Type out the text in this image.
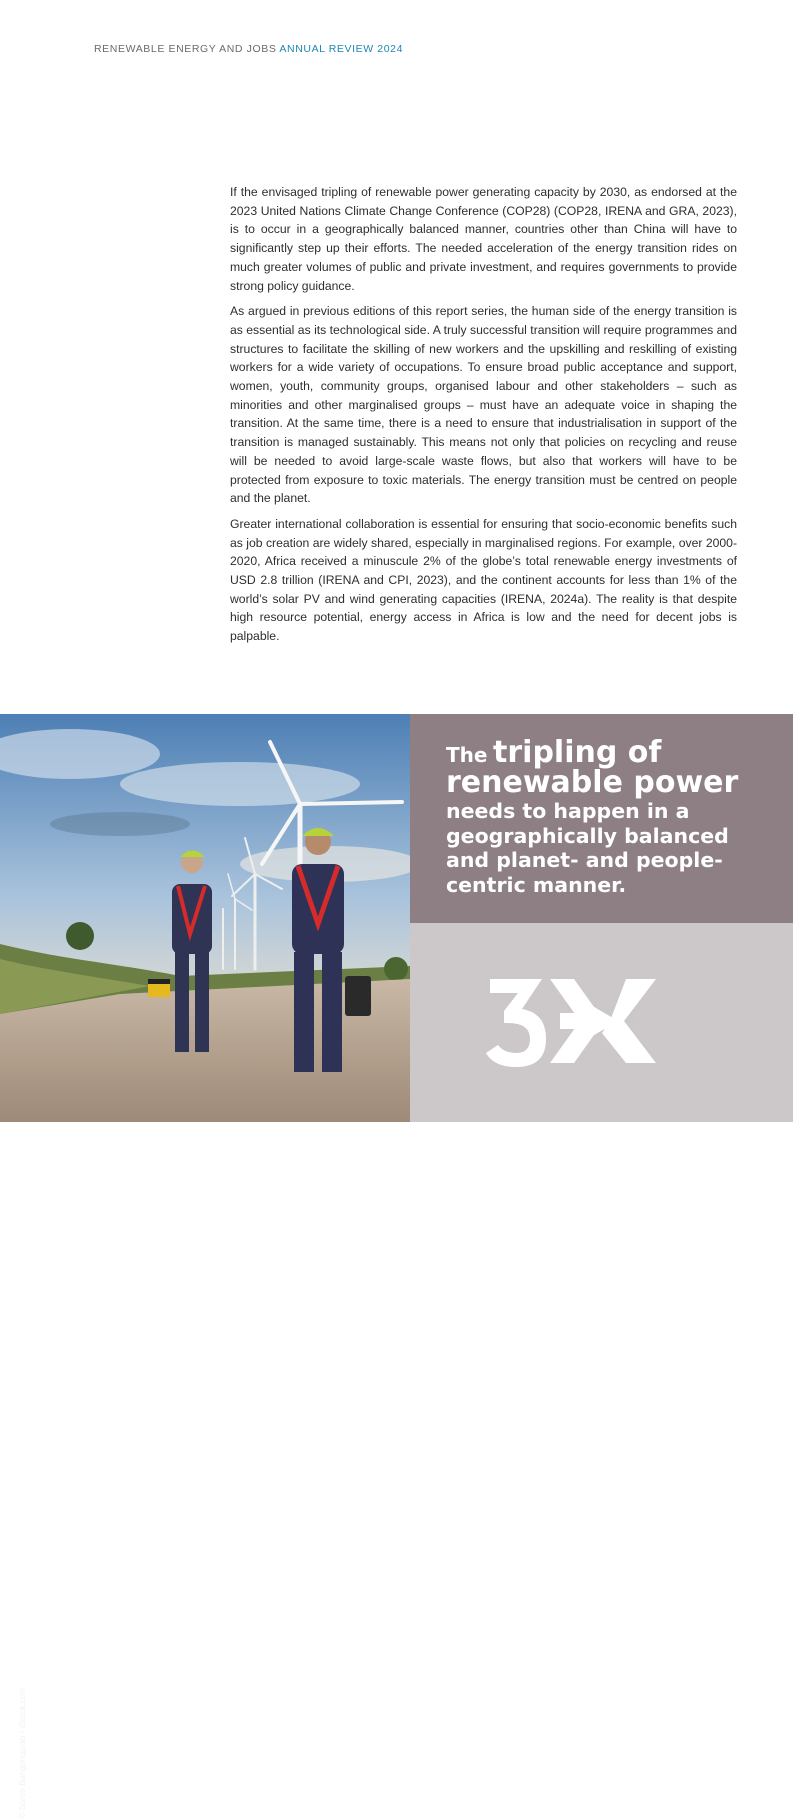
RENEWABLE ENERGY AND JOBS ANNUAL REVIEW 2024

If the envisaged tripling of renewable power generating capacity by 2030, as endorsed at the 2023 United Nations Climate Change Conference (COP28) (COP28, IRENA and GRA, 2023), is to occur in a geographically balanced manner, countries other than China will have to significantly step up their efforts. The needed acceleration of the energy transition rides on much greater volumes of public and private investment, and requires governments to provide strong policy guidance.

As argued in previous editions of this report series, the human side of the energy transition is as essential as its technological side. A truly successful transition will require programmes and structures to facilitate the skilling of new workers and the upskilling and reskilling of existing workers for a wide variety of occupations. To ensure broad public acceptance and support, women, youth, community groups, organised labour and other stakeholders – such as minorities and other marginalised groups – must have an adequate voice in shaping the transition. At the same time, there is a need to ensure that industrialisation in support of the transition is managed sustainably. This means not only that policies on recycling and reuse will be needed to avoid large-scale waste flows, but also that workers will have to be protected from exposure to toxic materials. The energy transition must be centred on people and the planet.

Greater international collaboration is essential for ensuring that socio-economic benefits such as job creation are widely shared, especially in marginalised regions. For example, over 2000-2020, Africa received a minuscule 2% of the globe’s total renewable energy investments of USD 2.8 trillion (IRENA and CPI, 2023), and the continent accounts for less than 1% of the world’s solar PV and wind generating capacities (IRENA, 2024a). The reality is that despite high resource potential, energy access in Africa is low and the need for decent jobs is palpable.

© Soros Bangongpian / iStock.com
The tripling of
renewable power
needs to happen in a geographically balanced and planet- and people-centric manner.
